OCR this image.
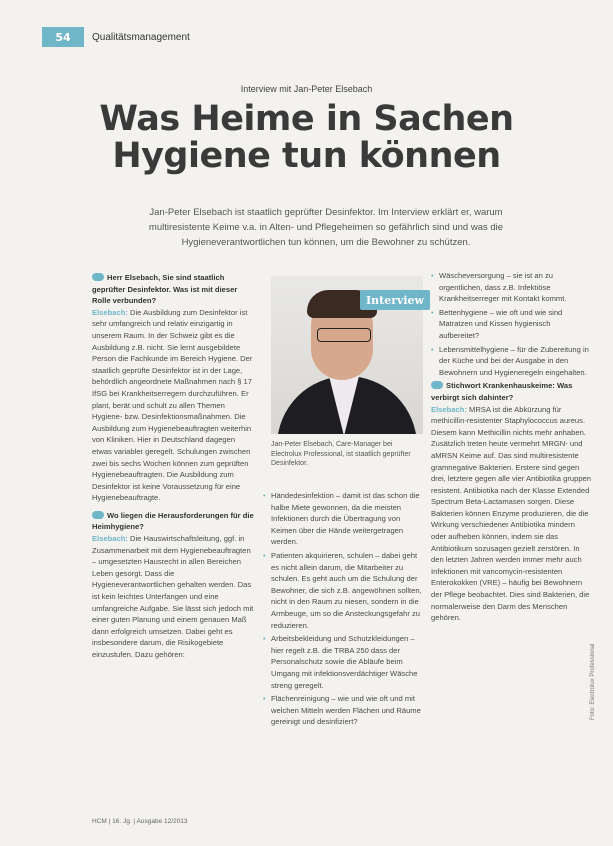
54	Qualitätsmanagement
Interview mit Jan-Peter Elsebach
Was Heime in Sachen
Hygiene tun können
Jan-Peter Elsebach ist staatlich geprüfter Desinfektor. Im Interview erklärt er, warum multiresistente Keime v.a. in Alten- und Pflegeheimen so gefährlich sind und was die Hygieneverantwortlichen tun können, um die Bewohner zu schützen.
Herr Elsebach, Sie sind staatlich geprüfter Desinfektor. Was ist mit dieser Rolle verbunden?

Elsebach: Die Ausbildung zum Desinfektor ist sehr umfangreich und relativ einzigartig in unserem Raum. In der Schweiz gibt es die Ausbildung z.B. nicht. Sie lernt ausgebildete Person die Fachkunde im Bereich Hygiene. Der staatlich geprüfte Desinfektor ist in der Lage, behördlich angeordnete Maßnahmen nach § 17 IfSG bei Krankheitserregern durchzuführen. Er plant, berät und schult zu allen Themen Hygiene- bzw. Desinfektionsmaßnahmen. Die Ausbildung zum Hygienebeauftragten weiterhin von Kliniken. Hier in Deutschland dagegen etwas variabler geregelt. Schulungen zwischen zwei bis sechs Wochen können zum geprüften Hygienebeauftragten. Die Ausbildung zum Desinfektor ist keine Voraussetzung für eine Hygienebeauftragte.

Wo liegen die Herausforderungen für die Heimhygiene?

Elsebach: Die Hauswirtschaftsleitung, ggf. in Zusammenarbeit mit dem Hygienebeauftragten – umgesetzten Hausrecht in allen Bereichen Leben gesorgt. Dass die Hygieneverantwortlichen gehalten werden. Das ist kein leichtes Unterfangen und eine umfangreiche Aufgabe. Sie lässt sich jedoch mit einer guten Planung und einem genauen Maß dann erfolgreich umsetzen. Dabei geht es insbesondere darum, die Risikogebiete einzustufen. Dazu gehören:

Interview
Jan-Peter Elsebach, Care-Manager bei Electrolux Professional, ist staatlich geprüfter Desinfektor.
• Händedesinfektion – damit ist das schon die halbe Miete gewonnen, da die meisten Infektionen durch die Übertragung von Keimen über die Hände weitergetragen werden.
• Patienten akquirieren, schulen – dabei geht es nicht allein darum, die Mitarbeiter zu schulen. Es geht auch um die Schulung der Bewohner, die sich z.B. angewöhnen sollten, nicht in den Raum zu niesen, sondern in die Armbeuge, um so die Ansteckungsgefahr zu reduzieren.
• Arbeitsbekleidung und Schutzkleidungen – hier regelt z.B. die TRBA 250 dass der Personalschutz sowie die Abläufe beim Umgang mit infektionsverdächtiger Wäsche streng geregelt.
• Flächenreinigung – wie und wie oft und mit welchen Mitteln werden Flächen und Räume gereinigt und desinfiziert?
• Wäscheversorgung – sie ist an zu orgentlichen, dass z.B. Infektiöse Krankheitserreger mit Kontakt kommt.
• Bettenhygiene – wie oft und wie sind Matratzen und Kissen hygienisch aufbereitet?
• Lebensmittelhygiene – für die Zubereitung in der Küche und bei der Ausgabe in den Bewohnern und Hygieneregeln eingehalten.
Stichwort Krankenhauskeime: Was verbirgt sich dahinter?

Elsebach: MRSA ist die Abkürzung für methicillin-resistenter Staphylococcus aureus. Diesem kann Methicillin nichts mehr anhaben. Zusätzlich treten heute vermehrt MRGN- und aMRSN Keime auf. Das sind multiresistente gramnegative Bakterien. Erstere sind gegen drei, letztere gegen alle vier Antibiotika gruppen resistent. Antibiotika nach der Klasse Extended Spectrum Beta-Lactamasen sorgen. Diese Bakterien können Enzyme produzieren, die die Wirkung verschiedener Antibiotika mindern oder aufheben können, indem sie das Antibiotikum sozusagen gezielt zerstören. In den letzten Jahren werden immer mehr auch Infektionen mit vancomycin-resistenten Enterokokken (VRE) – häufig bei Bewohnern der Pflege beobachtet. Dies sind Bakterien, die normalerweise den Darm des Menschen gehören.

HCM | 16. Jg. | Ausgabe 12/2013
Foto: Electrolux Professional
